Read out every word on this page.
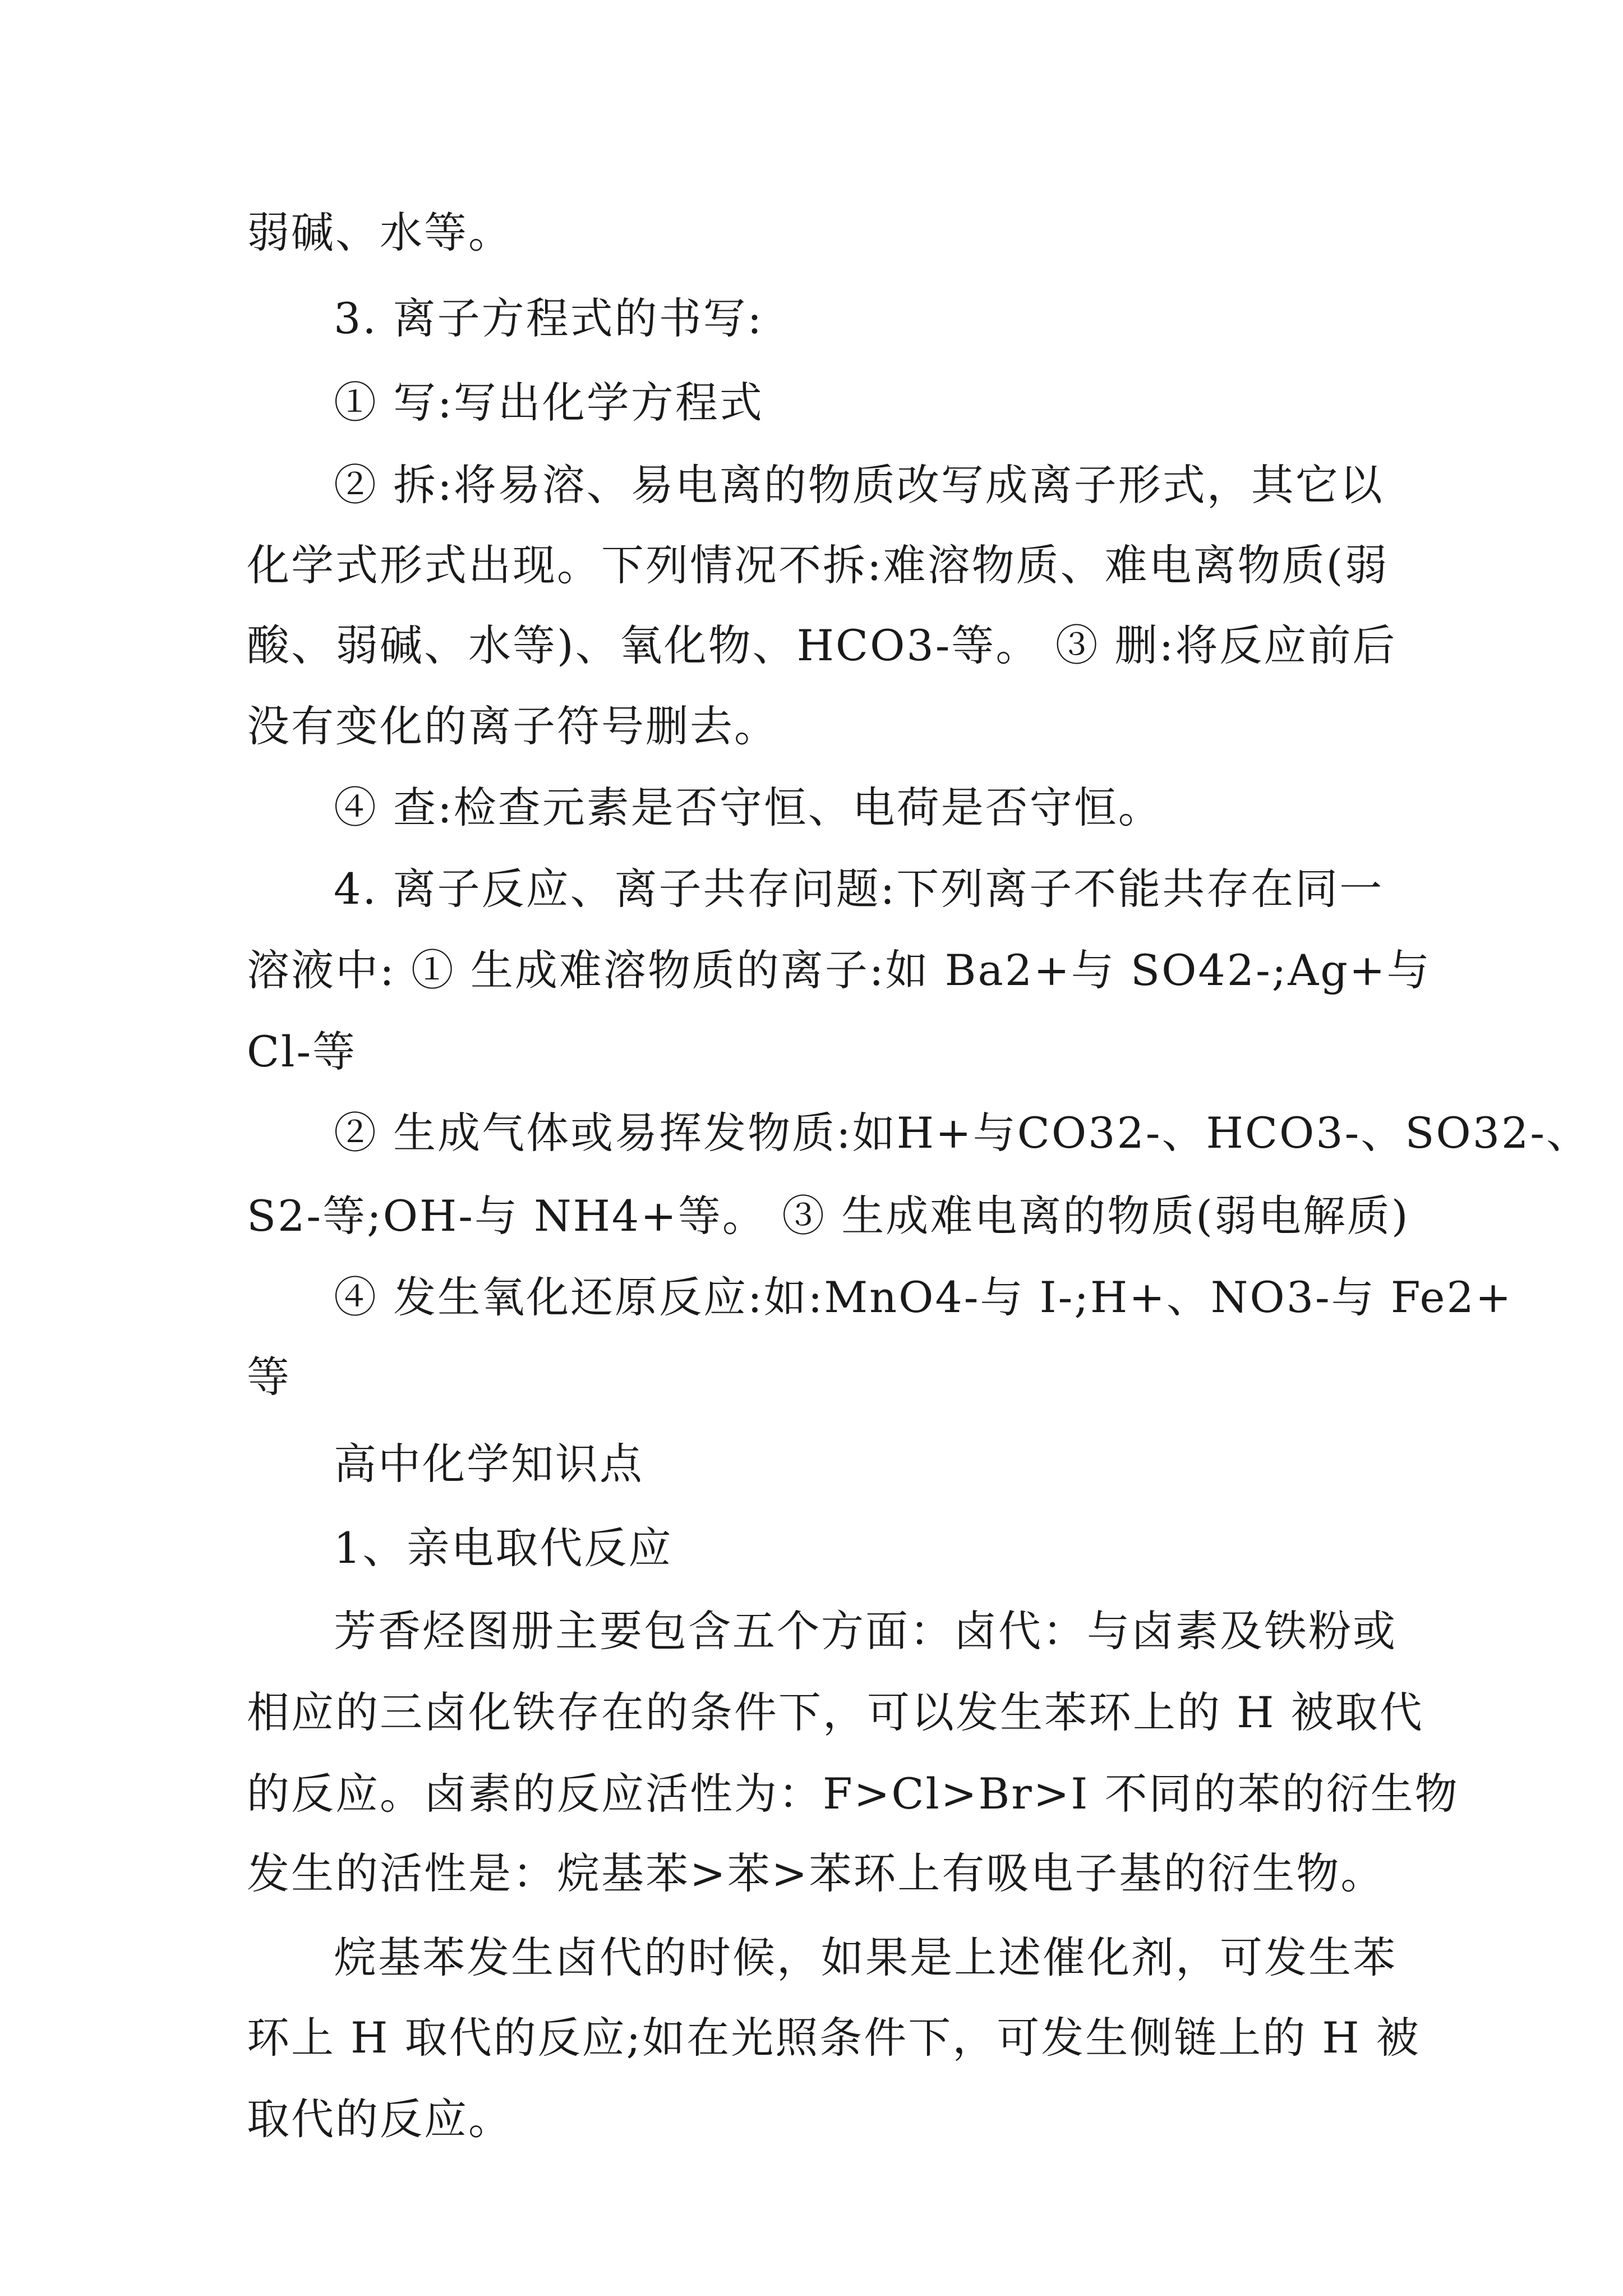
弱碱、水等。
3. 离子方程式的书写:
① 写:写出化学方程式
② 拆:将易溶、易电离的物质改写成离子形式，其它以
化学式形式出现。下列情况不拆:难溶物质、难电离物质(弱
酸、弱碱、水等)、氧化物、HCO3-等。 ③ 删:将反应前后
没有变化的离子符号删去。
④ 查:检查元素是否守恒、电荷是否守恒。
4. 离子反应、离子共存问题:下列离子不能共存在同一
溶液中: ① 生成难溶物质的离子:如 Ba2+与 SO42-;Ag+与
Cl-等
② 生成气体或易挥发物质:如H+与CO32-、HCO3-、SO32-、
S2-等;OH-与 NH4+等。 ③ 生成难电离的物质(弱电解质)
④ 发生氧化还原反应:如:MnO4-与 I-;H+、NO3-与 Fe2+
等
高中化学知识点
1、亲电取代反应
芳香烃图册主要包含五个方面：卤代：与卤素及铁粉或
相应的三卤化铁存在的条件下，可以发生苯环上的 H 被取代
的反应。卤素的反应活性为：F>Cl>Br>I 不同的苯的衍生物
发生的活性是：烷基苯>苯>苯环上有吸电子基的衍生物。
烷基苯发生卤代的时候，如果是上述催化剂，可发生苯
环上 H 取代的反应;如在光照条件下，可发生侧链上的 H 被
取代的反应。
